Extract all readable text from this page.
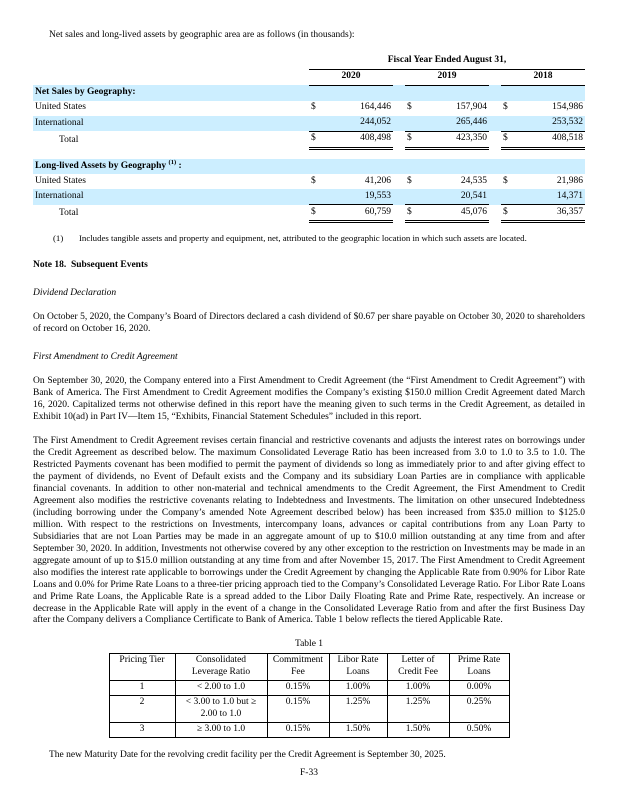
Net sales and long-lived assets by geographic area are as follows (in thousands):

		Fiscal Year Ended August 31,							
		2020			2019			2018	
Net Sales by Geography:									
United States		$	164,446		$	157,904		$	154,986
International			244,052			265,446			253,532
Total		$	408,498		$	423,350		$	408,518

Long-lived Assets by Geography $^{(1)}$ :									
United States		$	41,206		$	24,535		$	21,986
International			19,553			20,541			14,371
Total		$	60,759		$	45,076		$	36,357
(1)	Includes tangible assets and property and equipment, net, attributed to the geographic location in which such assets are located.

Note 18.  Subsequent Events

Dividend Declaration

On October 5, 2020, the Company’s Board of Directors declared a cash dividend of $0.67 per share payable on October 30, 2020 to shareholders of record on October 16, 2020.

First Amendment to Credit Agreement

On September 30, 2020, the Company entered into a First Amendment to Credit Agreement (the “First Amendment to Credit Agreement”) with Bank of America. The First Amendment to Credit Agreement modifies the Company’s existing $150.0 million Credit Agreement dated March 16, 2020. Capitalized terms not otherwise defined in this report have the meaning given to such terms in the Credit Agreement, as detailed in Exhibit 10(ad) in Part IV—Item 15, “Exhibits, Financial Statement Schedules” included in this report.

The First Amendment to Credit Agreement revises certain financial and restrictive covenants and adjusts the interest rates on borrowings under the Credit Agreement as described below. The maximum Consolidated Leverage Ratio has been increased from 3.0 to 1.0 to 3.5 to 1.0. The Restricted Payments covenant has been modified to permit the payment of dividends so long as immediately prior to and after giving effect to the payment of dividends, no Event of Default exists and the Company and its subsidiary Loan Parties are in compliance with applicable financial covenants. In addition to other non-material and technical amendments to the Credit Agreement, the First Amendment to Credit Agreement also modifies the restrictive covenants relating to Indebtedness and Investments. The limitation on other unsecured Indebtedness (including borrowing under the Company’s amended Note Agreement described below) has been increased from $35.0 million to $125.0 million. With respect to the restrictions on Investments, intercompany loans, advances or capital contributions from any Loan Party to Subsidiaries that are not Loan Parties may be made in an aggregate amount of up to $10.0 million outstanding at any time from and after September 30, 2020. In addition, Investments not otherwise covered by any other exception to the restriction on Investments may be made in an aggregate amount of up to $15.0 million outstanding at any time from and after November 15, 2017. The First Amendment to Credit Agreement also modifies the interest rate applicable to borrowings under the Credit Agreement by changing the Applicable Rate from 0.90% for Libor Rate Loans and 0.0% for Prime Rate Loans to a three-tier pricing approach tied to the Company’s Consolidated Leverage Ratio. For Libor Rate Loans and Prime Rate Loans, the Applicable Rate is a spread added to the Libor Daily Floating Rate and Prime Rate, respectively. An increase or decrease in the Applicable Rate will apply in the event of a change in the Consolidated Leverage Ratio from and after the first Business Day after the Company delivers a Compliance Certificate to Bank of America. Table 1 below reflects the tiered Applicable Rate.

Table 1
Pricing Tier	Consolidated Leverage Ratio	Commitment Fee	Libor Rate Loans	Letter of Credit Fee	Prime Rate Loans
1	< 2.00 to 1.0	0.15%	1.00%	1.00%	0.00%
2	< 3.00 to 1.0 but ≥ 2.00 to 1.0	0.15%	1.25%	1.25%	0.25%
3	≥ 3.00 to 1.0	0.15%	1.50%	1.50%	0.50%

The new Maturity Date for the revolving credit facility per the Credit Agreement is September 30, 2025.

F-33
